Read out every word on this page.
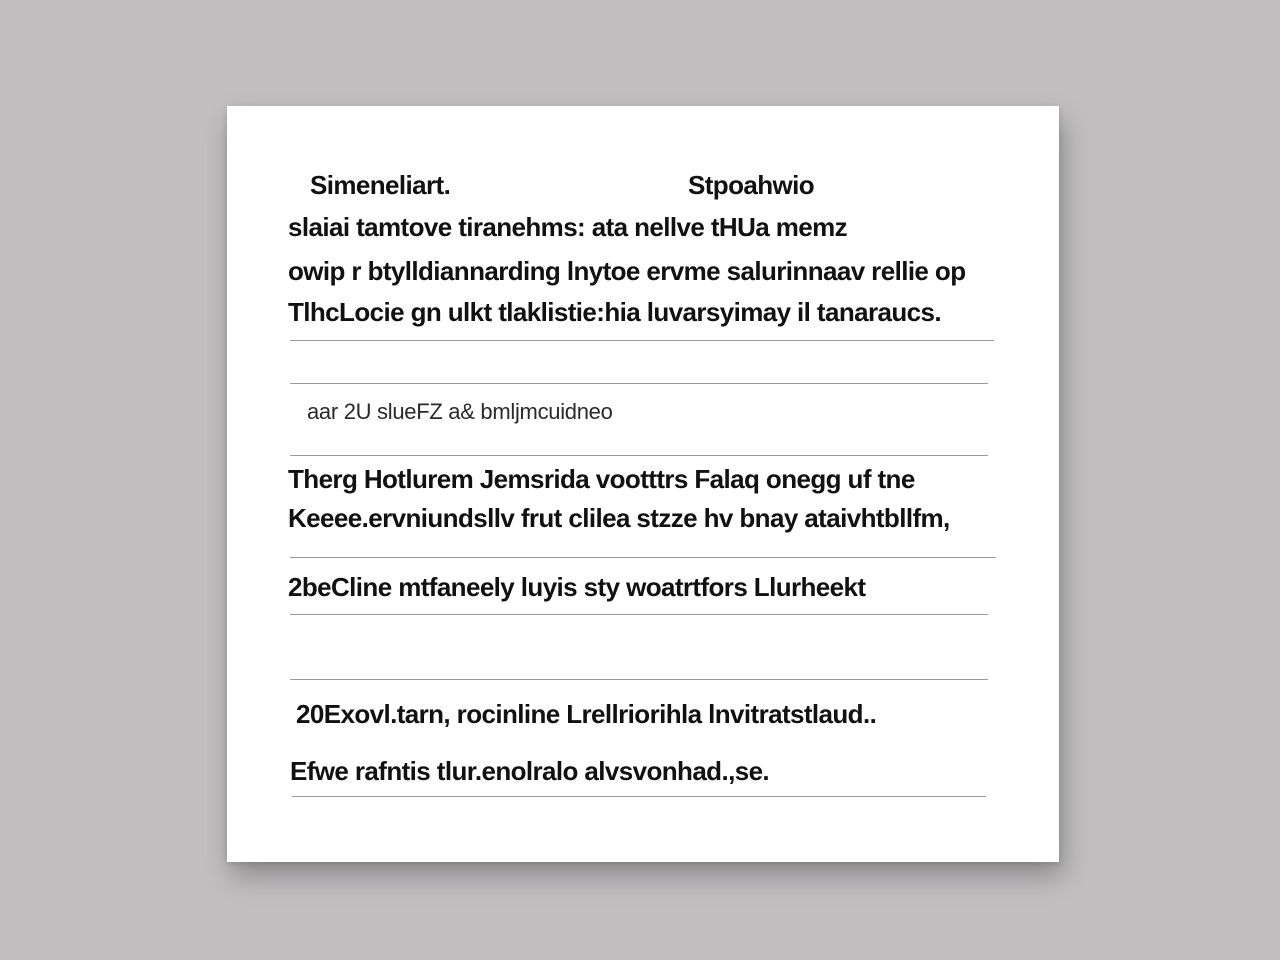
Simeneliart.	Stpoahwio
slaiai tamtove tiranehms: ata nellve tHUa memz
owip r btylldiannarding lnytoe ervme salurinnaav rellie op
TlhcLocie gn ulkt tlaklistie:hia luvarsyimay il tanaraucs.
aar 2U slueFZ a& bmljmcuidneo
Therg Hotlurem Jemsrida vootttrs Falaq onegg uf tne
Keeee.ervniundsllv frut clilea stzze hv bnay ataivhtbllfm,
2beCline mtfaneely luyis sty woatrtfors Llurheekt
20Exovl.tarn, rocinline Lrellriorihla lnvitratstlaud..
Efwe rafntis tlur.enolralo alvsvonhad.,se.
